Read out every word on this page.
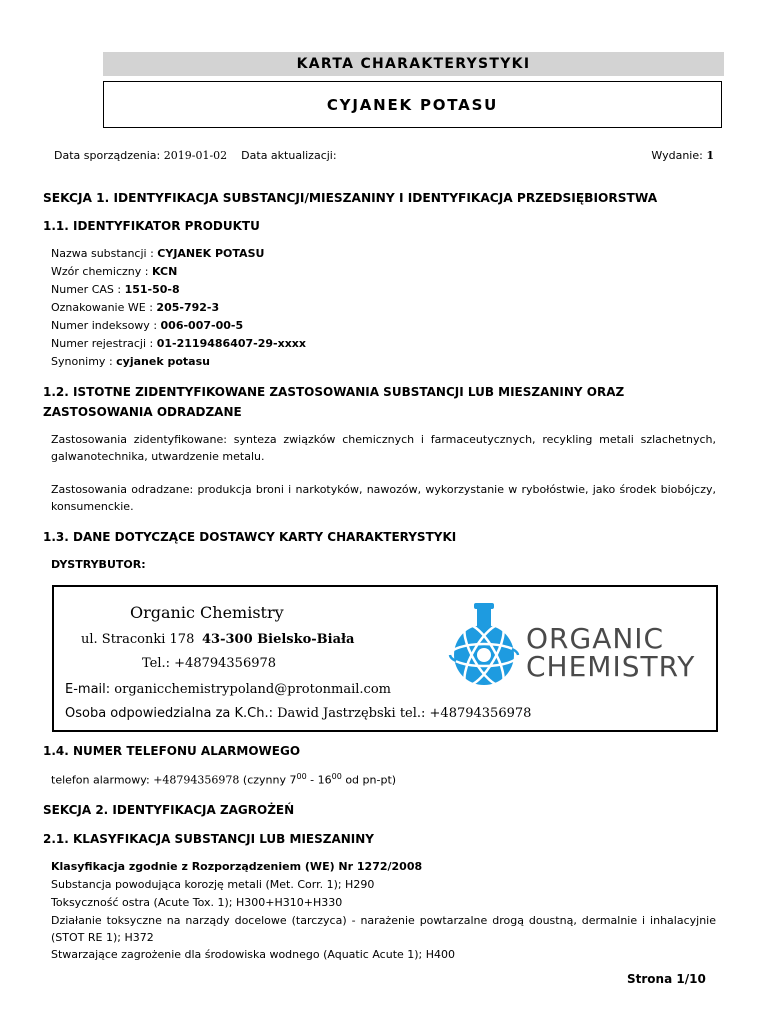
KARTA CHARAKTERYSTYKI
CYJANEK POTASU
Data sporządzenia: 2019-01-02 Data aktualizacji:	Wydanie: 1
SEKCJA 1. IDENTYFIKACJA SUBSTANCJI/MIESZANINY I IDENTYFIKACJA PRZEDSIĘBIORSTWA
1.1. IDENTYFIKATOR PRODUKTU
Nazwa substancji : CYJANEK POTASU
Wzór chemiczny : KCN
Numer CAS : 151-50-8
Oznakowanie WE : 205-792-3
Numer indeksowy : 006-007-00-5
Numer rejestracji : 01-2119486407-29-xxxx
Synonimy : cyjanek potasu
1.2. ISTOTNE ZIDENTYFIKOWANE ZASTOSOWANIA SUBSTANCJI LUB MIESZANINY ORAZ
ZASTOSOWANIA ODRADZANE
Zastosowania zidentyfikowane: synteza związków chemicznych i farmaceutycznych, recykling metali szlachetnych, galwanotechnika, utwardzenie metalu.
Zastosowania odradzane: produkcja broni i narkotyków, nawozów, wykorzystanie w rybołóstwie, jako środek biobójczy, konsumenckie.
1.3. DANE DOTYCZĄCE DOSTAWCY KARTY CHARAKTERYSTYKI
DYSTRYBUTOR:
Organic Chemistry
ul. Straconki 178 43-300 Bielsko-Biała
Tel.: +48794356978
E-mail: organicchemistrypoland@protonmail.com
Osoba odpowiedzialna za K.Ch.: Dawid Jastrzębski tel.: +48794356978
ORGANIC
CHEMISTRY
1.4. NUMER TELEFONU ALARMOWEGO
telefon alarmowy: +48794356978 (czynny $7^{00} - 16^{00}$ od pn-pt)
SEKCJA 2. IDENTYFIKACJA ZAGROŻEŃ
2.1. KLASYFIKACJA SUBSTANCJI LUB MIESZANINY
Klasyfikacja zgodnie z Rozporządzeniem (WE) Nr 1272/2008
Substancja powodująca korozję metali (Met. Corr. 1); H290
Toksyczność ostra (Acute Tox. 1); H300+H310+H330
Działanie toksyczne na narządy docelowe (tarczyca) - narażenie powtarzalne drogą doustną, dermalnie i inhalacyjnie (STOT RE 1); H372
Stwarzające zagrożenie dla środowiska wodnego (Aquatic Acute 1); H400
Strona 1/10
